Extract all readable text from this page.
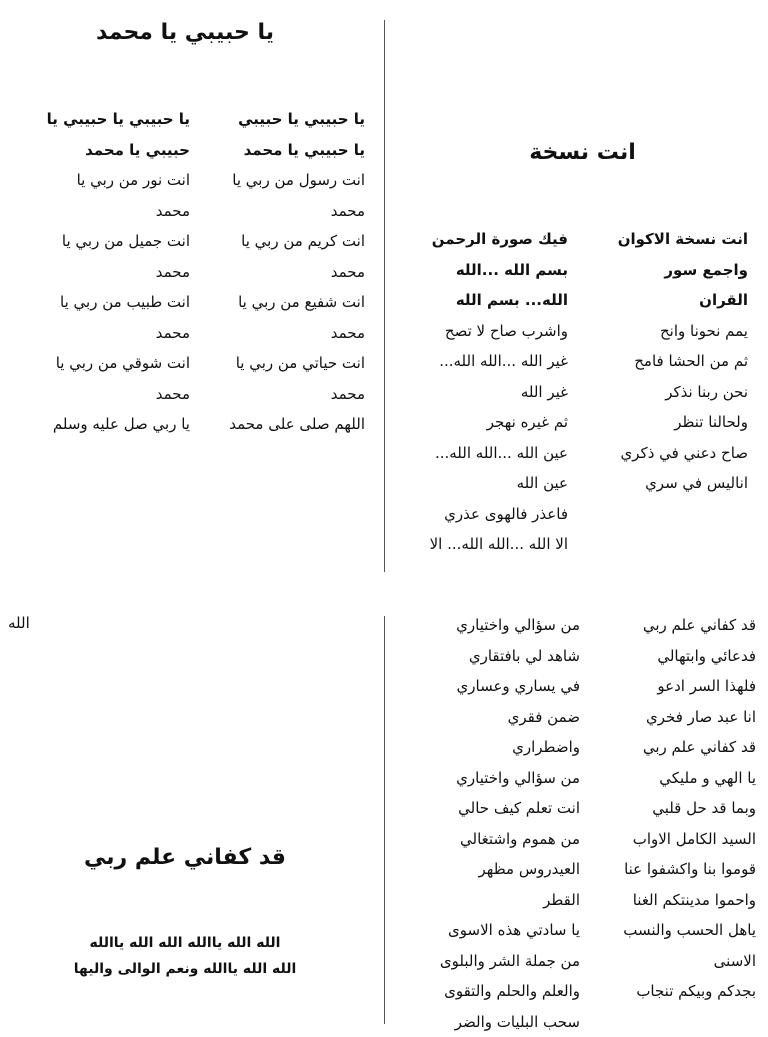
يا حبيبي يا محمد
يا حبيبي يا حبيبي
يا حبيبي يا محمد
انت رسول من ربي يا
محمد
انت كريم من ربي يا
محمد
انت شفيع من ربي يا
محمد
انت حياتي من ربي يا
محمد
اللهم صلى على محمد
يا حبيبي يا حبيبي يا
حبيبي يا محمد
انت نور من ربي يا
محمد
انت جميل من ربي يا
محمد
انت طبيب من ربي يا
محمد
انت شوقي من ربي يا
محمد
يا ربي صل عليه وسلم
انت نسخة
انت نسخة الاكوان
واجمع سور
القران
يمم نحونا وانح
ثم من الحشا فامح
نحن ربنا نذكر
ولحالنا تنظر
صاح دعني في ذكري
اناليس في سري
فيك صورة الرحمن
بسم الله ...الله
الله... بسم الله
واشرب صاح لا تصح
غير الله ...الله الله...
غير الله
ثم غيره نهجر
عين الله ...الله الله...
عين الله
فاعذر فالهوى عذري
الا الله ...الله الله... الا
الله
قد كفاني علم ربي
الله الله ياالله الله الله ياالله
الله الله ياالله ونعم الوالى واليها
قد كفاني علم ربي
فدعائي وابتهالي
فلهذا السر ادعو
انا عبد صار فخري
قد كفاني علم ربي
يا الهي و مليكي
وبما قد حل قلبي
السيد الكامل الاواب
قوموا بنا واكشفوا عنا
واحموا مدينتكم الغنا
ياهل الحسب والنسب
الاسنى
بجدكم وبيكم تنجاب
من سؤالي واختياري
شاهد لي بافتقاري
في يساري وعساري
ضمن فقري
واضطراري
من سؤالي واختياري
انت تعلم كيف حالي
من هموم واشتغالي
العيدروس مظهر
القطر
يا سادتي هذه الاسوى
من جملة الشر والبلوى
والعلم والحلم والتقوى
سحب البليات والضر
